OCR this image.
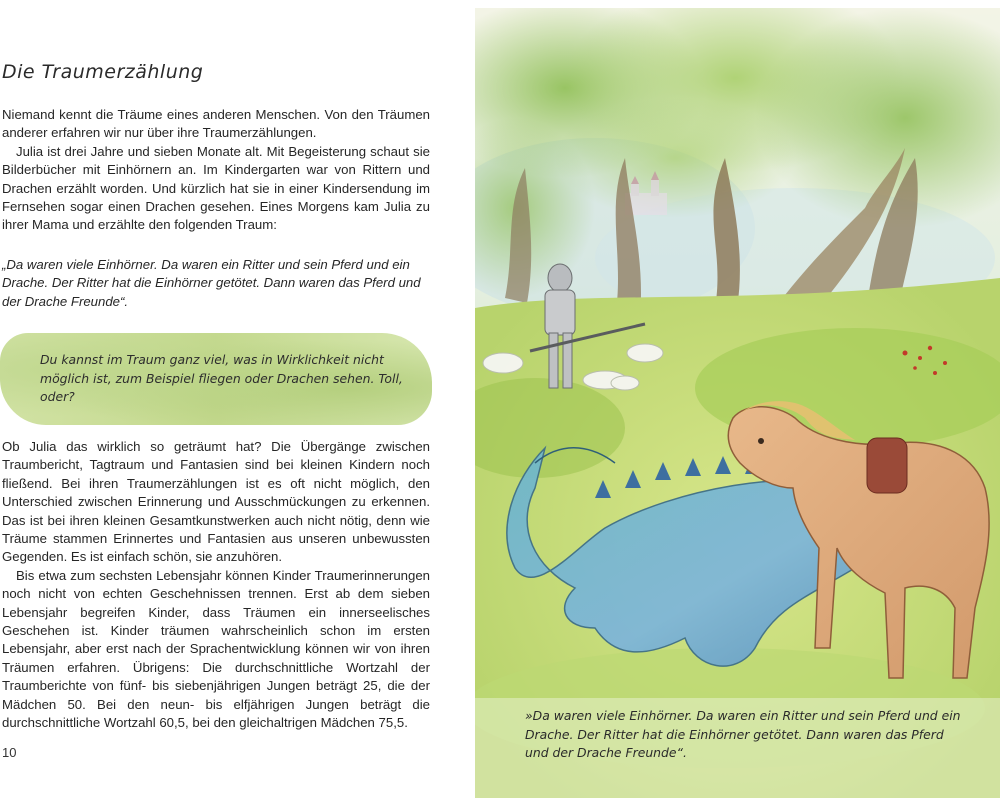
Die Traumerzählung

Niemand kennt die Träume eines anderen Menschen. Von den Träumen anderer erfahren wir nur über ihre Traumerzählungen.

Julia ist drei Jahre und sieben Monate alt. Mit Begeisterung schaut sie Bilderbücher mit Einhörnern an. Im Kindergarten war von Rittern und Drachen erzählt worden. Und kürzlich hat sie in einer Kindersendung im Fernsehen sogar einen Drachen gesehen. Eines Morgens kam Julia zu ihrer Mama und erzählte den folgenden Traum:

„Da waren viele Einhörner. Da waren ein Ritter und sein Pferd und ein Drache. Der Ritter hat die Einhörner getötet. Dann waren das Pferd und der Drache Freunde“.

Du kannst im Traum ganz viel, was in Wirklichkeit nicht möglich ist, zum Beispiel fliegen oder Drachen sehen. Toll, oder?

Ob Julia das wirklich so geträumt hat? Die Übergänge zwischen Traumbericht, Tagtraum und Fantasien sind bei kleinen Kindern noch fließend. Bei ihren Traumerzählungen ist es oft nicht möglich, den Unterschied zwischen Erinnerung und Ausschmückungen zu erkennen. Das ist bei ihren kleinen Gesamtkunstwerken auch nicht nötig, denn wie Träume stammen Erinnertes und Fantasien aus unseren unbewussten Gegenden. Es ist einfach schön, sie anzuhören.

Bis etwa zum sechsten Lebensjahr können Kinder Traumerinnerungen noch nicht von echten Geschehnissen trennen. Erst ab dem sieben Lebensjahr begreifen Kinder, dass Träumen ein innerseelisches Geschehen ist. Kinder träumen wahrscheinlich schon im ersten Lebensjahr, aber erst nach der Sprachentwicklung können wir von ihren Träumen erfahren. Übrigens: Die durchschnittliche Wortzahl der Traumberichte von fünf- bis siebenjährigen Jungen beträgt 25, die der Mädchen 50. Bei den neun- bis elfjährigen Jungen beträgt die durchschnittliche Wortzahl 60,5, bei den gleichaltrigen Mädchen 75,5.

10
»Da waren viele Einhörner. Da waren ein Ritter und sein Pferd und ein Drache. Der Ritter hat die Einhörner getötet. Dann waren das Pferd und der Drache Freunde“.
